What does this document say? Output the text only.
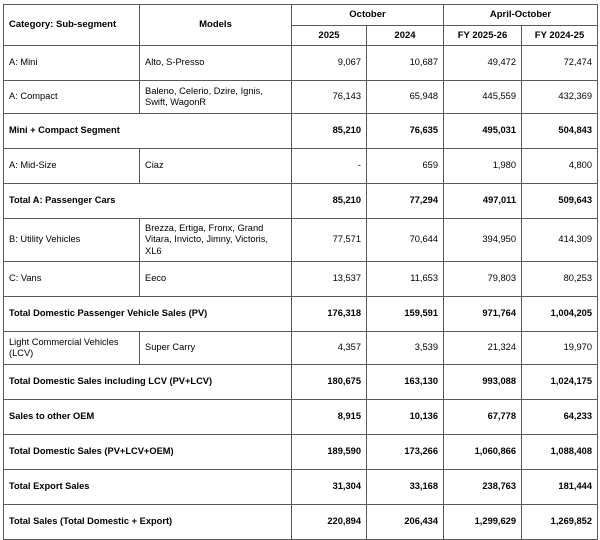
Category: Sub-segment	Models	October		April-October	
		2025	2024	FY 2025-26	FY 2024-25
A: Mini	Alto, S-Presso	9,067	10,687	49,472	72,474
A: Compact	Baleno, Celerio, Dzire, Ignis, Swift, WagonR	76,143	65,948	445,559	432,369
Mini + Compact Segment		85,210	76,635	495,031	504,843
A: Mid-Size	Ciaz	-	659	1,980	4,800
Total A: Passenger Cars		85,210	77,294	497,011	509,643
B: Utility Vehicles	Brezza, Ertiga, Fronx, Grand Vitara, Invicto, Jimny, Victoris, XL6	77,571	70,644	394,950	414,309
C: Vans	Eeco	13,537	11,653	79,803	80,253
Total Domestic Passenger Vehicle Sales (PV)		176,318	159,591	971,764	1,004,205
Light Commercial Vehicles (LCV)	Super Carry	4,357	3,539	21,324	19,970
Total Domestic Sales including LCV (PV+LCV)		180,675	163,130	993,088	1,024,175
Sales to other OEM		8,915	10,136	67,778	64,233
Total Domestic Sales (PV+LCV+OEM)		189,590	173,266	1,060,866	1,088,408
Total Export Sales		31,304	33,168	238,763	181,444
Total Sales (Total Domestic + Export)		220,894	206,434	1,299,629	1,269,852
